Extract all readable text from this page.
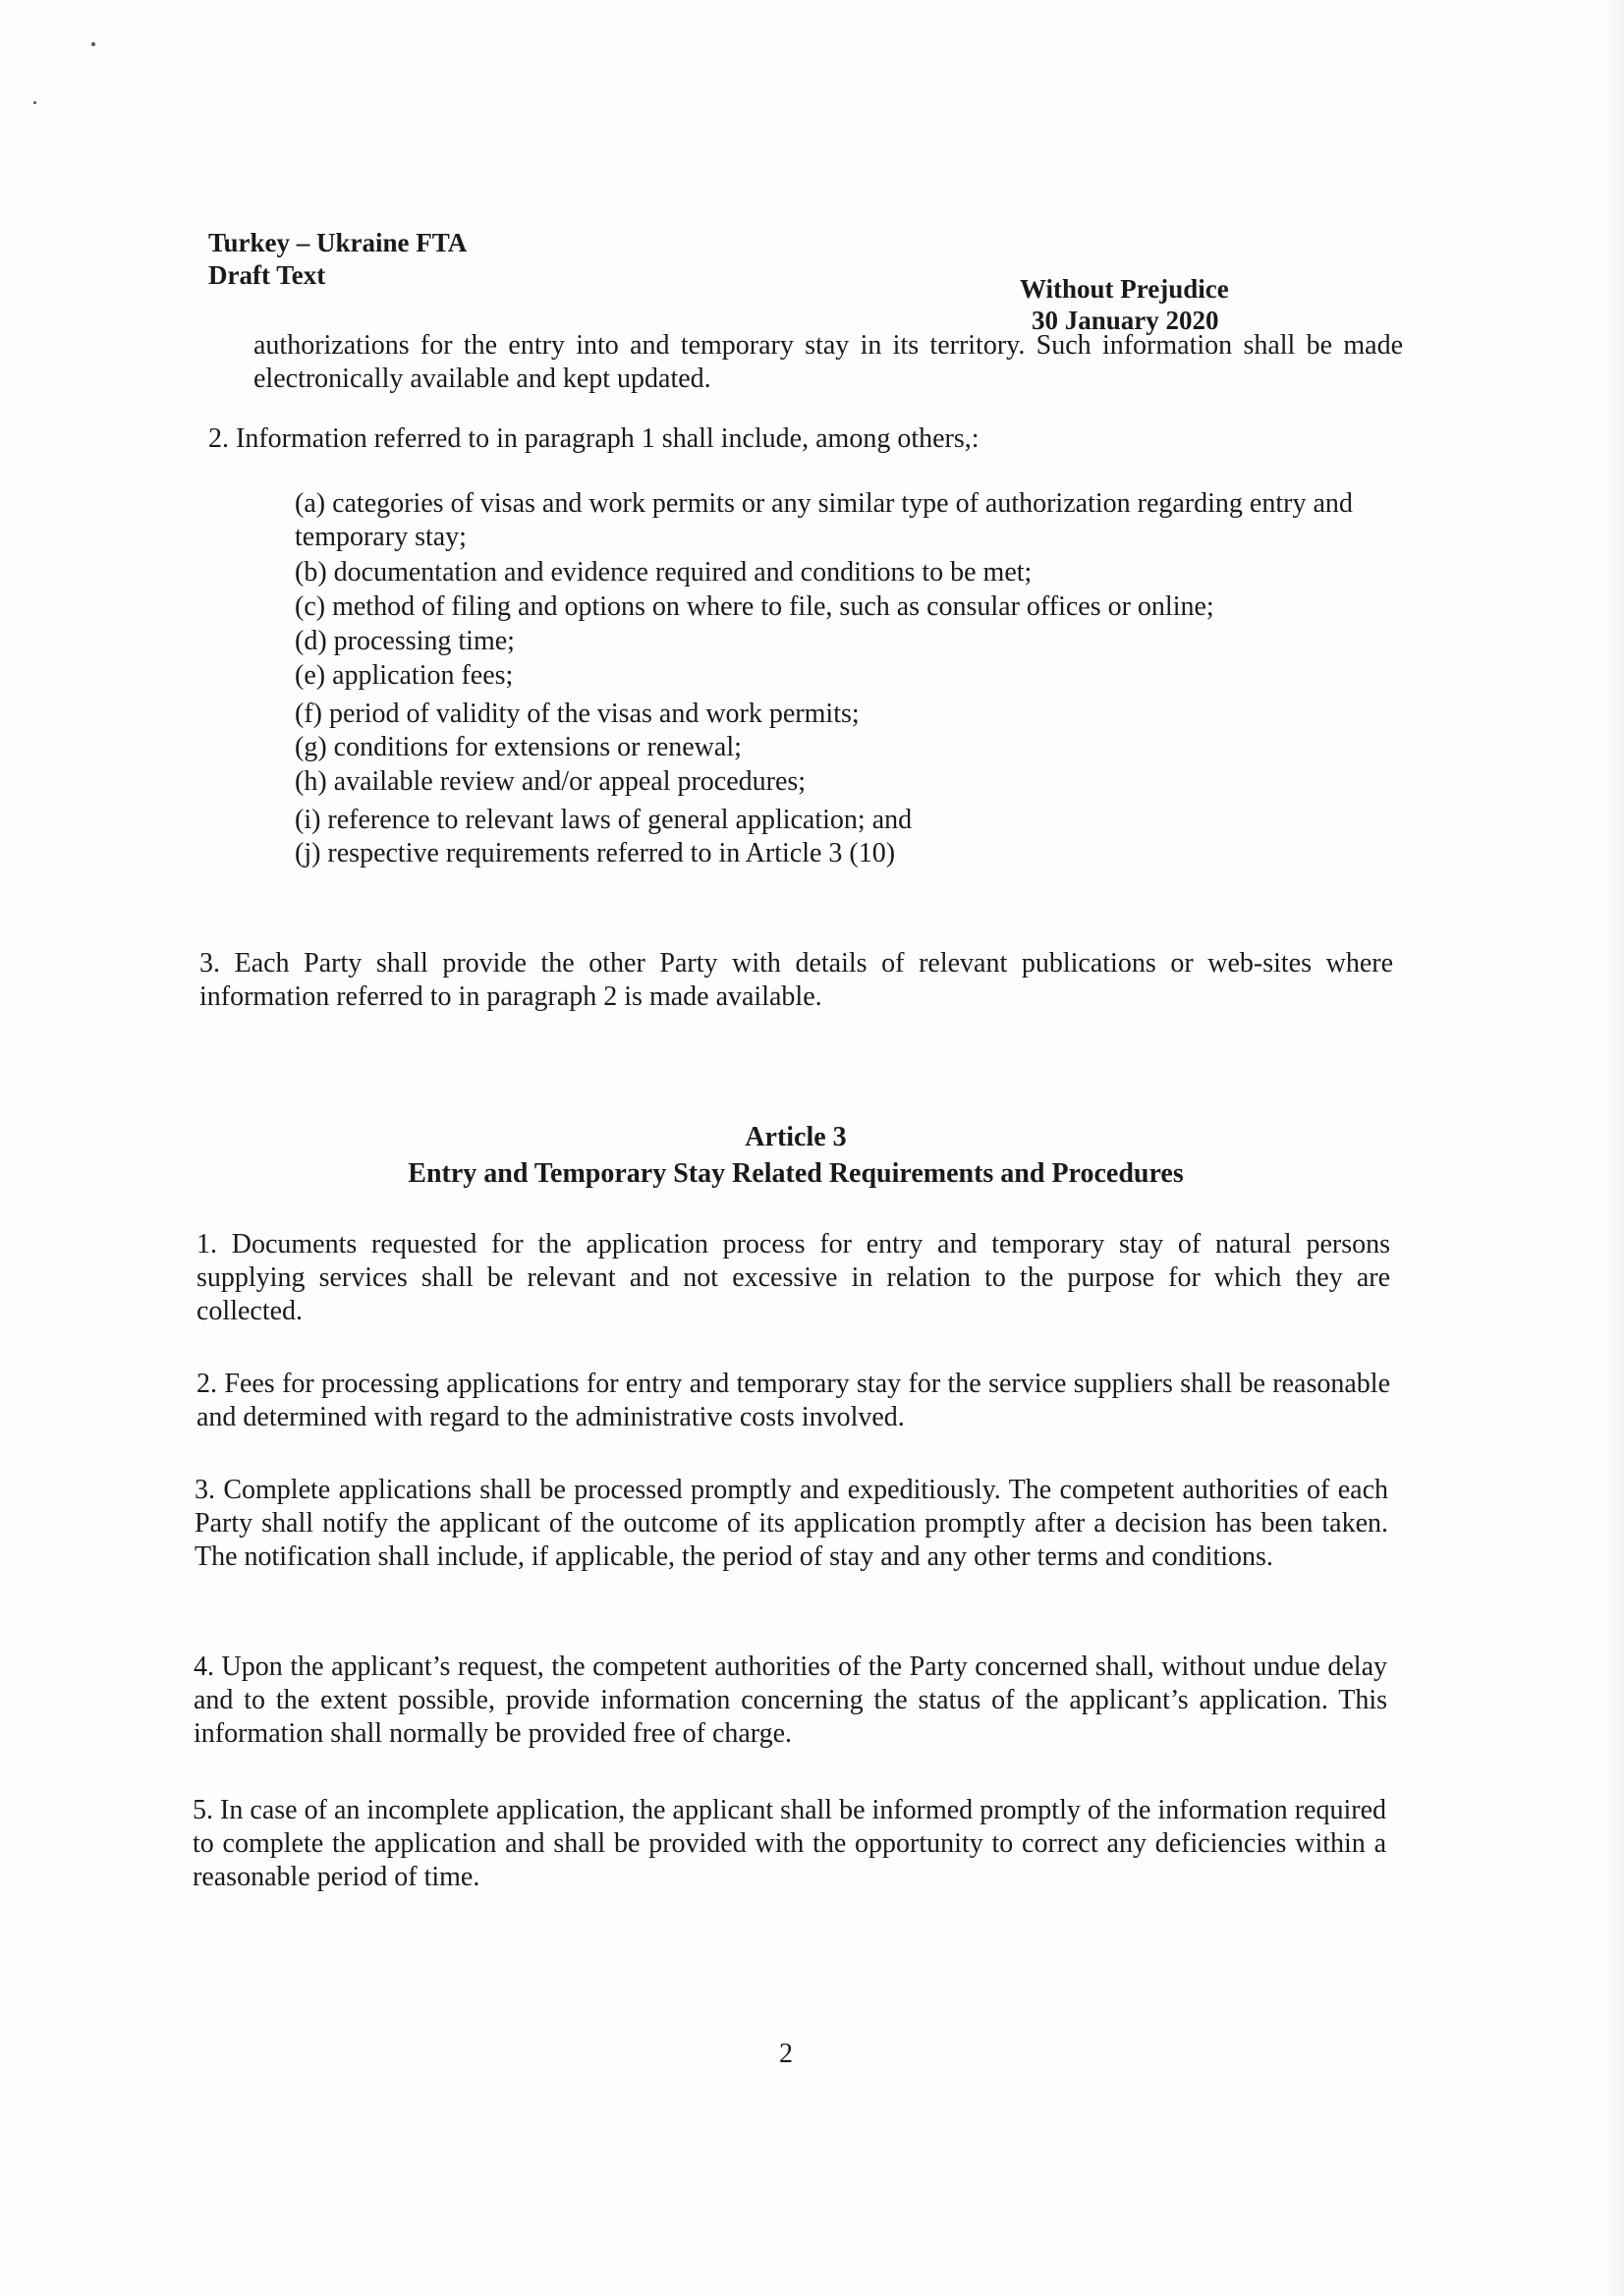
Turkey – Ukraine FTA
Draft Text	Without Prejudice
30 January 2020
authorizations for the entry into and temporary stay in its territory. Such information shall be made electronically available and kept updated.
2. Information referred to in paragraph 1 shall include, among others,:
(a) categories of visas and work permits or any similar type of authorization regarding entry and temporary stay;
(b) documentation and evidence required and conditions to be met;
(c) method of filing and options on where to file, such as consular offices or online;
(d) processing time;
(e) application fees;
(f) period of validity of the visas and work permits;
(g) conditions for extensions or renewal;
(h) available review and/or appeal procedures;
(i) reference to relevant laws of general application; and
(j) respective requirements referred to in Article 3 (10)
3. Each Party shall provide the other Party with details of relevant publications or web-sites where information referred to in paragraph 2 is made available.
Article 3
Entry and Temporary Stay Related Requirements and Procedures
1. Documents requested for the application process for entry and temporary stay of natural persons supplying services shall be relevant and not excessive in relation to the purpose for which they are collected.
2. Fees for processing applications for entry and temporary stay for the service suppliers shall be reasonable and determined with regard to the administrative costs involved.
3. Complete applications shall be processed promptly and expeditiously. The competent authorities of each Party shall notify the applicant of the outcome of its application promptly after a decision has been taken. The notification shall include, if applicable, the period of stay and any other terms and conditions.
4. Upon the applicant’s request, the competent authorities of the Party concerned shall, without undue delay and to the extent possible, provide information concerning the status of the applicant’s application. This information shall normally be provided free of charge.
5. In case of an incomplete application, the applicant shall be informed promptly of the information required to complete the application and shall be provided with the opportunity to correct any deficiencies within a reasonable period of time.
2
